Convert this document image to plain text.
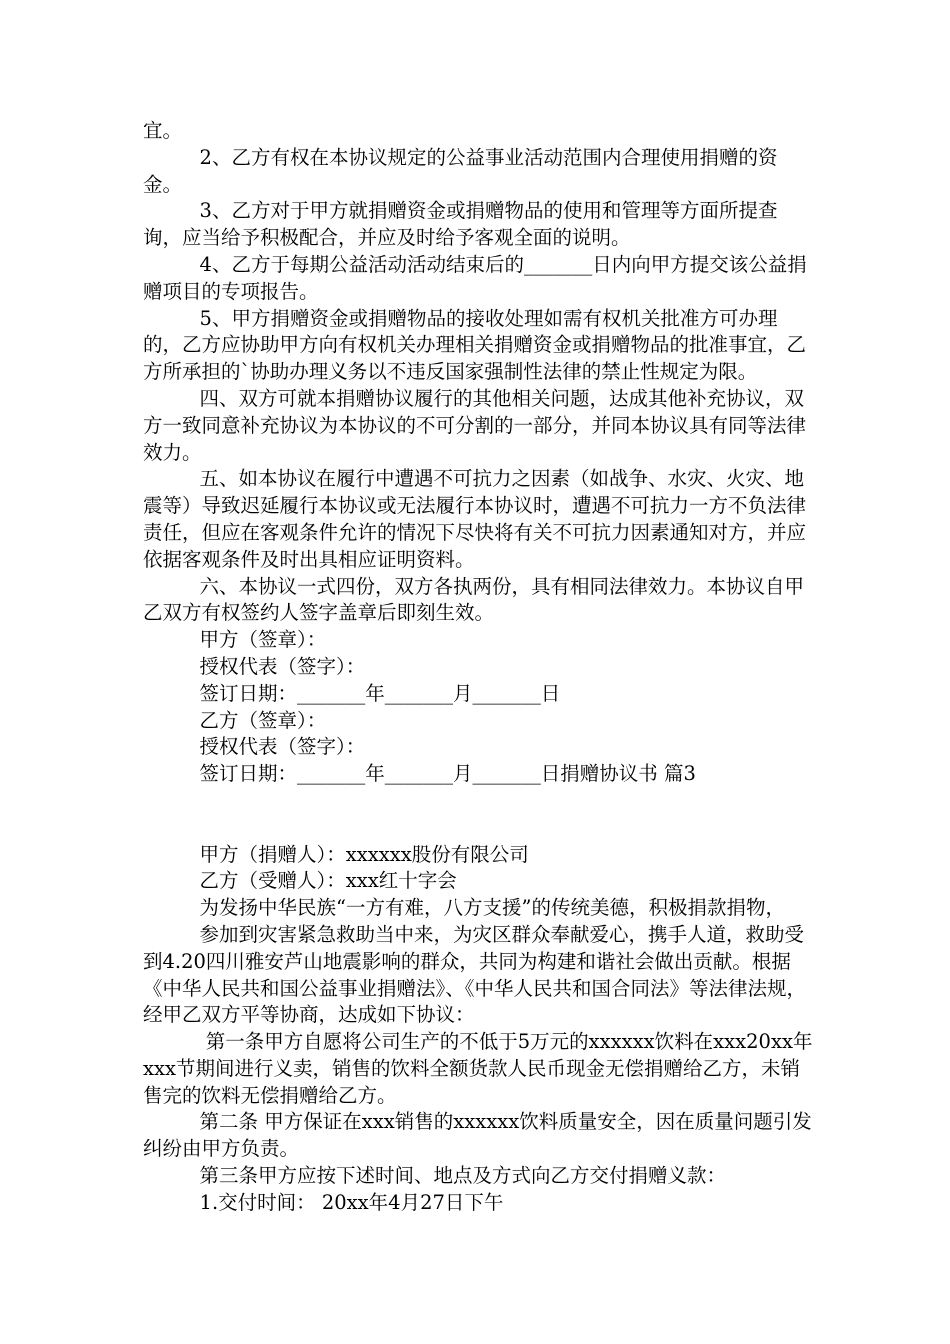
宜。

2、乙方有权在本协议规定的公益事业活动范围内合理使用捐赠的资金。

3、乙方对于甲方就捐赠资金或捐赠物品的使用和管理等方面所提查询，应当给予积极配合，并应及时给予客观全面的说明。

4、乙方于每期公益活动活动结束后的_______日内向甲方提交该公益捐赠项目的专项报告。

5、甲方捐赠资金或捐赠物品的接收处理如需有权机关批准方可办理的，乙方应协助甲方向有权机关办理相关捐赠资金或捐赠物品的批准事宜，乙方所承担的`协助办理义务以不违反国家强制性法律的禁止性规定为限。

四、双方可就本捐赠协议履行的其他相关问题，达成其他补充协议，双方一致同意补充协议为本协议的不可分割的一部分，并同本协议具有同等法律效力。

五、如本协议在履行中遭遇不可抗力之因素（如战争、水灾、火灾、地震等）导致迟延履行本协议或无法履行本协议时，遭遇不可抗力一方不负法律责任，但应在客观条件允许的情况下尽快将有关不可抗力因素通知对方，并应依据客观条件及时出具相应证明资料。

六、本协议一式四份，双方各执两份，具有相同法律效力。本协议自甲乙双方有权签约人签字盖章后即刻生效。

甲方（签章）：

授权代表（签字）：

签订日期：_______年_______月_______日

乙方（签章）：

授权代表（签字）：

签订日期：_______年_______月_______日捐赠协议书 篇3

甲方（捐赠人）：xxxxxx股份有限公司

乙方（受赠人）：xxx红十字会

为发扬中华民族“一方有难，八方支援”的传统美德，积极捐款捐物，

参加到灾害紧急救助当中来，为灾区群众奉献爱心，携手人道，救助受到4.20四川雅安芦山地震影响的群众，共同为构建和谐社会做出贡献。根据《中华人民共和国公益事业捐赠法》、《中华人民共和国合同法》等法律法规，经甲乙双方平等协商，达成如下协议：

第一条甲方自愿将公司生产的不低于5万元的xxxxxx饮料在xxx20xx年xxx节期间进行义卖，销售的饮料全额货款人民币现金无偿捐赠给乙方，未销售完的饮料无偿捐赠给乙方。

第二条 甲方保证在xxx销售的xxxxxx饮料质量安全，因在质量问题引发纠纷由甲方负责。

第三条甲方应按下述时间、地点及方式向乙方交付捐赠义款：

1.交付时间： 20xx年4月27日下午
